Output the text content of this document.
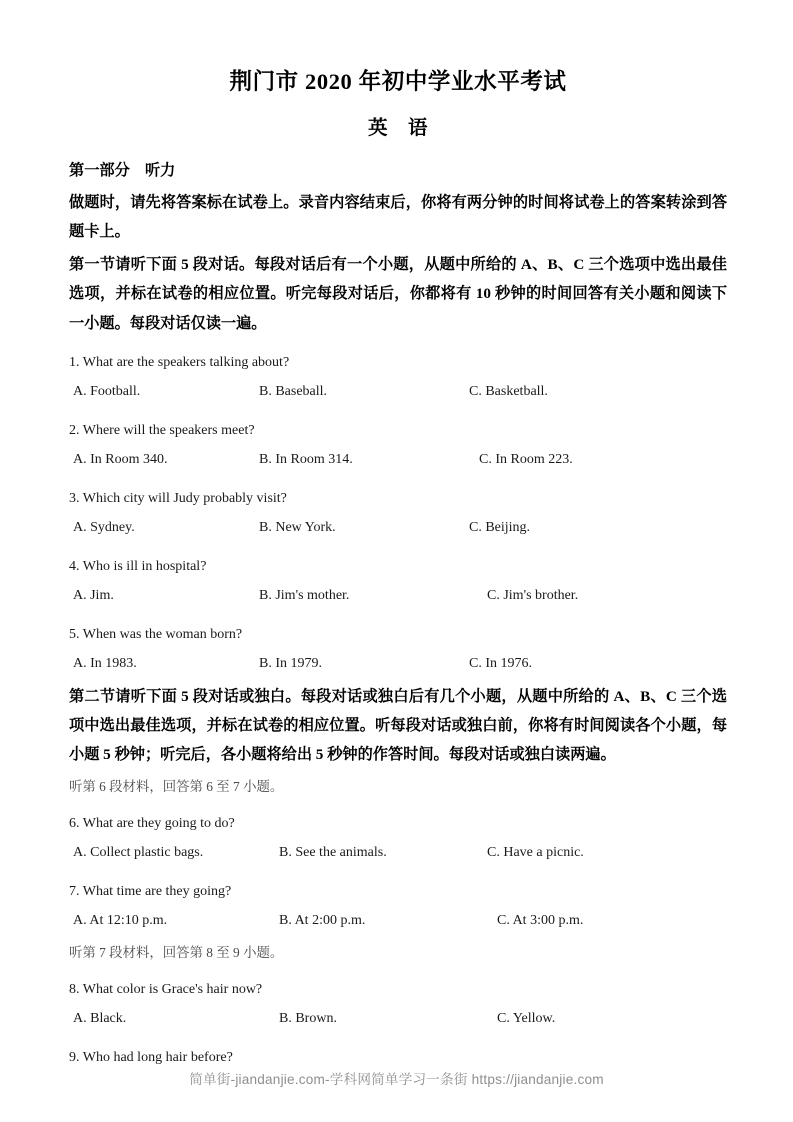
荆门市 2020 年初中学业水平考试
英　语
第一部分　听力
做题时，请先将答案标在试卷上。录音内容结束后，你将有两分钟的时间将试卷上的答案转涂到答题卡上。
第一节请听下面 5 段对话。每段对话后有一个小题，从题中所给的 A、B、C 三个选项中选出最佳选项，并标在试卷的相应位置。听完每段对话后，你都将有 10 秒钟的时间回答有关小题和阅读下一小题。每段对话仅读一遍。
1. What are the speakers talking about?
A. Football.	B. Baseball.	C. Basketball.
2. Where will the speakers meet?
A. In Room 340.	B. In Room 314.	C. In Room 223.
3. Which city will Judy probably visit?
A. Sydney.	B. New York.	C. Beijing.
4. Who is ill in hospital?
A. Jim.	B. Jim's mother.	C. Jim's brother.
5. When was the woman born?
A. In 1983.	B. In 1979.	C. In 1976.
第二节请听下面 5 段对话或独白。每段对话或独白后有几个小题，从题中所给的 A、B、C 三个选项中选出最佳选项，并标在试卷的相应位置。听每段对话或独白前，你将有时间阅读各个小题，每小题 5 秒钟；听完后，各小题将给出 5 秒钟的作答时间。每段对话或独白读两遍。
听第 6 段材料，回答第 6 至 7 小题。
6. What are they going to do?
A. Collect plastic bags.	B. See the animals.	C. Have a picnic.
7. What time are they going?
A. At 12:10 p.m.	B. At 2:00 p.m.	C. At 3:00 p.m.
听第 7 段材料，回答第 8 至 9 小题。
8. What color is Grace's hair now?
A. Black.	B. Brown.	C. Yellow.
9. Who had long hair before?
简单街-jiandanjie.com-学科网简单学习一条街 https://jiandanjie.com
